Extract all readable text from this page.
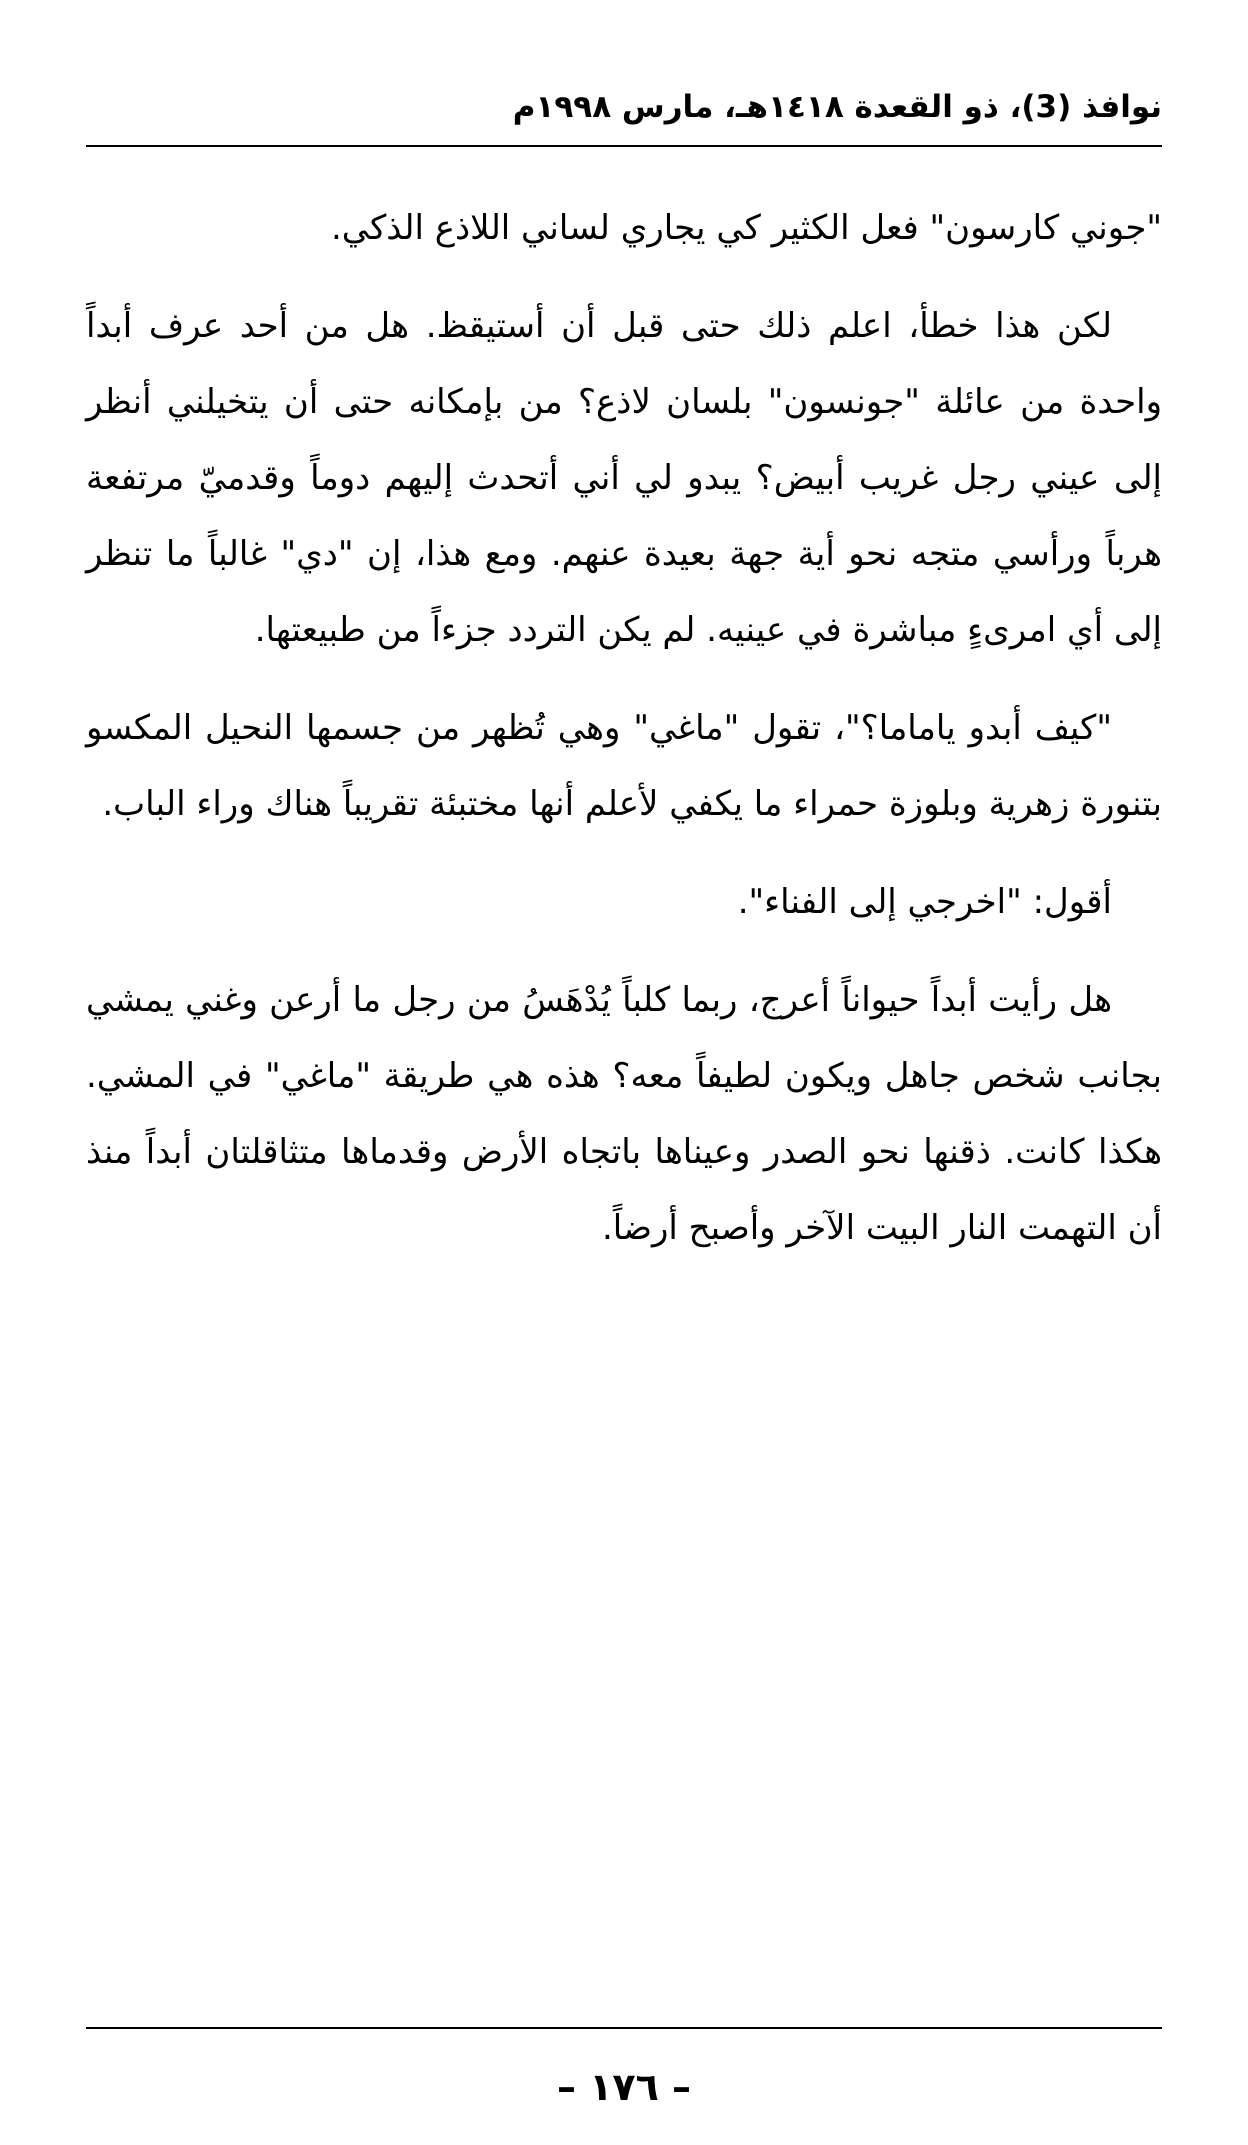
نوافذ (3)، ذو القعدة ١٤١٨هـ، مارس ١٩٩٨م

"جوني كارسون" فعل الكثير كي يجاري لساني اللاذع الذكي.

لكن هذا خطأ، اعلم ذلك حتى قبل أن أستيقظ. هل من أحد عرف أبداً واحدة من عائلة "جونسون" بلسان لاذع؟ من بإمكانه حتى أن يتخيلني أنظر إلى عيني رجل غريب أبيض؟ يبدو لي أني أتحدث إليهم دوماً وقدميّ مرتفعة هرباً ورأسي متجه نحو أية جهة بعيدة عنهم. ومع هذا، إن "دي" غالباً ما تنظر إلى أي امرىءٍ مباشرة في عينيه. لم يكن التردد جزءاً من طبيعتها.

"كيف أبدو ياماما؟"، تقول "ماغي" وهي تُظهر من جسمها النحيل المكسو بتنورة زهرية وبلوزة حمراء ما يكفي لأعلم أنها مختبئة تقريباً هناك وراء الباب.

أقول: "اخرجي إلى الفناء".

هل رأيت أبداً حيواناً أعرج، ربما كلباً يُدْهَسُ من رجل ما أرعن وغني يمشي بجانب شخص جاهل ويكون لطيفاً معه؟ هذه هي طريقة "ماغي" في المشي. هكذا كانت. ذقنها نحو الصدر وعيناها باتجاه الأرض وقدماها متثاقلتان أبداً منذ أن التهمت النار البيت الآخر وأصبح أرضاً.

– ١٧٦ –
